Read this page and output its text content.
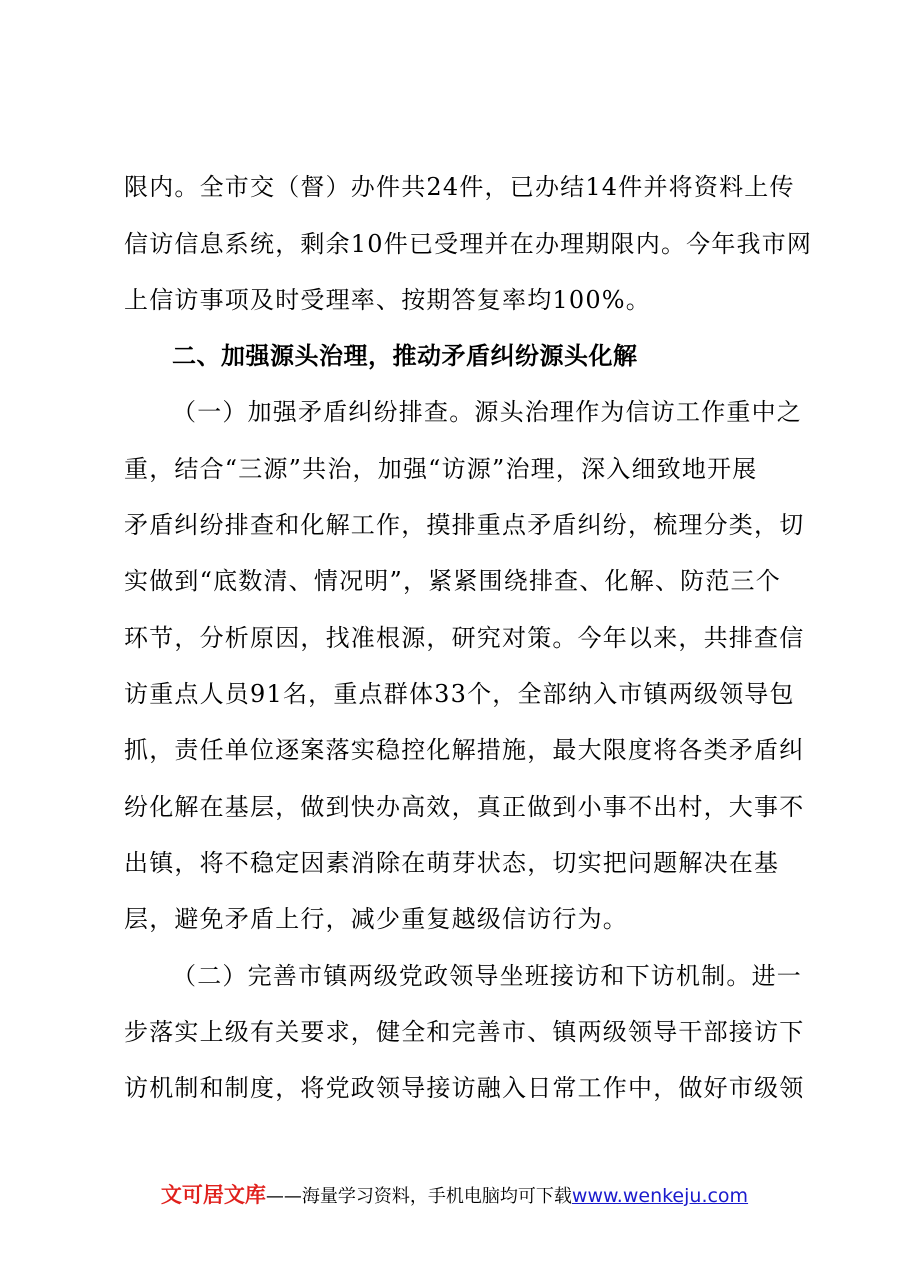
限内。全市交（督）办件共24件，已办结14件并将资料上传
信访信息系统，剩余10件已受理并在办理期限内。今年我市网
上信访事项及时受理率、按期答复率均100%。
二、加强源头治理，推动矛盾纠纷源头化解
（一）加强矛盾纠纷排查。源头治理作为信访工作重中之
重，结合“三源”共治，加强“访源”治理，深入细致地开展
矛盾纠纷排查和化解工作，摸排重点矛盾纠纷，梳理分类，切
实做到“底数清、情况明”，紧紧围绕排查、化解、防范三个
环节，分析原因，找准根源，研究对策。今年以来，共排查信
访重点人员91名，重点群体33个，全部纳入市镇两级领导包
抓，责任单位逐案落实稳控化解措施，最大限度将各类矛盾纠
纷化解在基层，做到快办高效，真正做到小事不出村，大事不
出镇，将不稳定因素消除在萌芽状态，切实把问题解决在基
层，避免矛盾上行，减少重复越级信访行为。
（二）完善市镇两级党政领导坐班接访和下访机制。进一
步落实上级有关要求，健全和完善市、镇两级领导干部接访下
访机制和制度，将党政领导接访融入日常工作中，做好市级领
文可居文库——海量学习资料，手机电脑均可下载www.wenkeju.com
